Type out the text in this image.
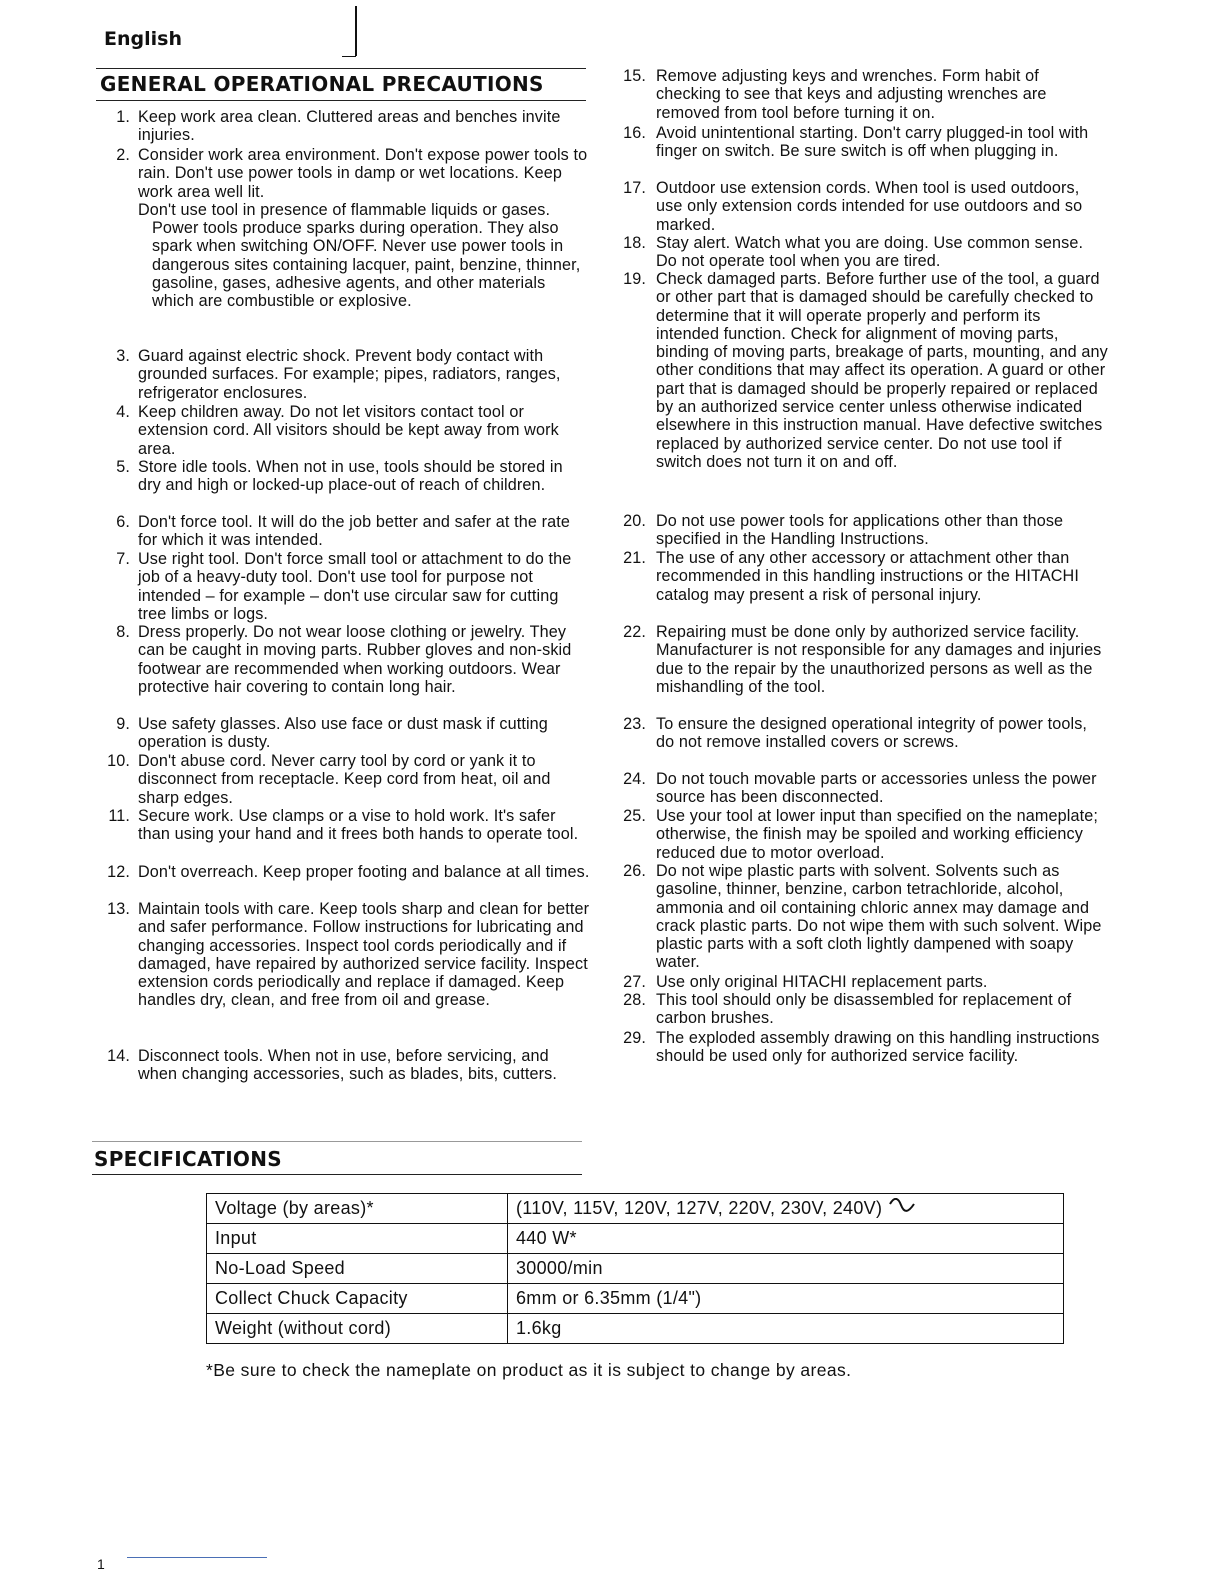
English
GENERAL OPERATIONAL PRECAUTIONS
1. Keep work area clean. Cluttered areas and benches invite injuries.
2. Consider work area environment. Don't expose power tools to rain. Don't use power tools in damp or wet locations. Keep work area well lit.
Don't use tool in presence of flammable liquids or gases.
Power tools produce sparks during operation. They also spark when switching ON/OFF. Never use power tools in dangerous sites containing lacquer, paint, benzine, thinner, gasoline, gases, adhesive agents, and other materials which are combustible or explosive.
3. Guard against electric shock. Prevent body contact with grounded surfaces. For example; pipes, radiators, ranges, refrigerator enclosures.
4. Keep children away. Do not let visitors contact tool or extension cord. All visitors should be kept away from work area.
5. Store idle tools. When not in use, tools should be stored in dry and high or locked-up place-out of reach of children.
6. Don't force tool. It will do the job better and safer at the rate for which it was intended.
7. Use right tool. Don't force small tool or attachment to do the job of a heavy-duty tool. Don't use tool for purpose not intended – for example – don't use circular saw for cutting tree limbs or logs.
8. Dress properly. Do not wear loose clothing or jewelry. They can be caught in moving parts. Rubber gloves and non-skid footwear are recommended when working outdoors. Wear protective hair covering to contain long hair.
9. Use safety glasses. Also use face or dust mask if cutting operation is dusty.
10. Don't abuse cord. Never carry tool by cord or yank it to disconnect from receptacle. Keep cord from heat, oil and sharp edges.
11. Secure work. Use clamps or a vise to hold work. It's safer than using your hand and it frees both hands to operate tool.
12. Don't overreach. Keep proper footing and balance at all times.
13. Maintain tools with care. Keep tools sharp and clean for better and safer performance. Follow instructions for lubricating and changing accessories. Inspect tool cords periodically and if damaged, have repaired by authorized service facility. Inspect extension cords periodically and replace if damaged. Keep handles dry, clean, and free from oil and grease.
14. Disconnect tools. When not in use, before servicing, and when changing accessories, such as blades, bits, cutters.
15. Remove adjusting keys and wrenches. Form habit of checking to see that keys and adjusting wrenches are removed from tool before turning it on.
16. Avoid unintentional starting. Don't carry plugged-in tool with finger on switch. Be sure switch is off when plugging in.
17. Outdoor use extension cords. When tool is used outdoors, use only extension cords intended for use outdoors and so marked.
18. Stay alert. Watch what you are doing. Use common sense. Do not operate tool when you are tired.
19. Check damaged parts. Before further use of the tool, a guard or other part that is damaged should be carefully checked to determine that it will operate properly and perform its intended function. Check for alignment of moving parts, binding of moving parts, breakage of parts, mounting, and any other conditions that may affect its operation. A guard or other part that is damaged should be properly repaired or replaced by an authorized service center unless otherwise indicated elsewhere in this instruction manual. Have defective switches replaced by authorized service center. Do not use tool if switch does not turn it on and off.
20. Do not use power tools for applications other than those specified in the Handling Instructions.
21. The use of any other accessory or attachment other than recommended in this handling instructions or the HITACHI catalog may present a risk of personal injury.
22. Repairing must be done only by authorized service facility. Manufacturer is not responsible for any damages and injuries due to the repair by the unauthorized persons as well as the mishandling of the tool.
23. To ensure the designed operational integrity of power tools, do not remove installed covers or screws.
24. Do not touch movable parts or accessories unless the power source has been disconnected.
25. Use your tool at lower input than specified on the nameplate; otherwise, the finish may be spoiled and working efficiency reduced due to motor overload.
26. Do not wipe plastic parts with solvent. Solvents such as gasoline, thinner, benzine, carbon tetrachloride, alcohol, ammonia and oil containing chloric annex may damage and crack plastic parts. Do not wipe them with such solvent. Wipe plastic parts with a soft cloth lightly dampened with soapy water.
27. Use only original HITACHI replacement parts.
28. This tool should only be disassembled for replacement of carbon brushes.
29. The exploded assembly drawing on this handling instructions should be used only for authorized service facility.
SPECIFICATIONS
Voltage (by areas)*	(110V, 115V, 120V, 127V, 220V, 230V, 240V)
Input	440 W*
No-Load Speed	30000/min
Collect Chuck Capacity	6mm or 6.35mm (1/4")
Weight (without cord)	1.6kg
*Be sure to check the nameplate on product as it is subject to change by areas.
1
